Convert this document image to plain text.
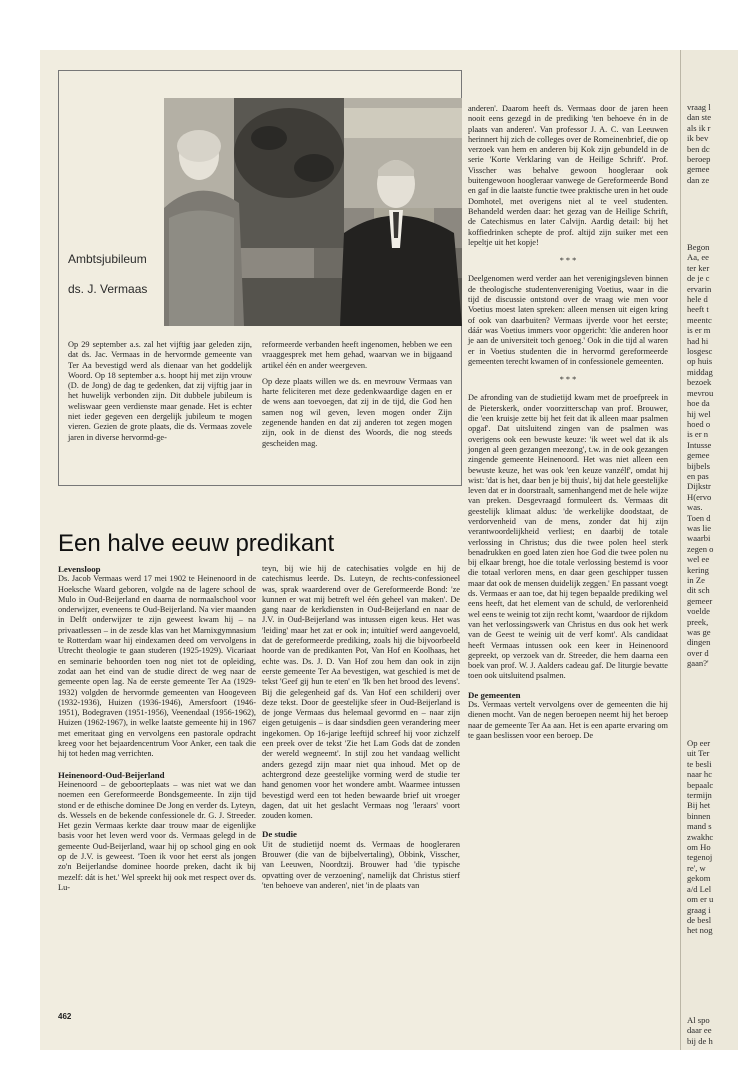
vraag l
dan ste
als ik r
ik bev
ben dc
beroep
gemee
dan ze
Begon
Aa, ee
ter ker
de je c
ervarin
hele d
heeft t
meentc
is er m
had hi
losgesc
op huis
middag
bezoek
mevrou
hoe da
hij wel
hoed o
is er n
Intusse
gemee
bijbels
en pas
Dijkstr
H(ervo
was.
Toen d
was lie
waarbi
zegen o
wel ee
kering
in Ze
dit sch
gemeer
voelde
preek,
was ge
dingen
over d
gaan?'
Op eer
uit Ter
te besli
naar hc
bepaalc
termijn
Bij het
binnen
mand s
zwakhc
om Ho
tegenoj
re', w
gekom
a/d Lel
om er u
graag i
de besl
het nog
Al spo
daar ee
bij de h
Ambtsjubileum
ds. J. Vermaas

Op 29 september a.s. zal het vijftig jaar geleden zijn, dat ds. Jac. Vermaas in de hervormde gemeente van Ter Aa bevestigd werd als dienaar van het goddelijk Woord. Op 18 september a.s. hoopt hij met zijn vrouw (D. de Jong) de dag te gedenken, dat zij vijftig jaar in het huwelijk verbonden zijn. Dit dubbele jubileum is weliswaar geen verdienste maar genade. Het is echter niet ieder gegeven een dergelijk jubileum te mogen vieren. Gezien de grote plaats, die ds. Vermaas zovele jaren in diverse hervormd-ge-

reformeerde verbanden heeft ingenomen, hebben we een vraaggesprek met hem gehad, waarvan we in bijgaand artikel één en ander weergeven.

Op deze plaats willen we ds. en mevrouw Vermaas van harte feliciteren met deze gedenkwaardige dagen en er de wens aan toevoegen, dat zij in de tijd, die God hen samen nog wil geven, leven mogen onder Zijn zegenende handen en dat zij anderen tot zegen mogen zijn, ook in de dienst des Woords, die nog steeds gescheiden mag.

Een halve eeuw predikant

Levensloop

Ds. Jacob Vermaas werd 17 mei 1902 te Heinenoord in de Hoeksche Waard geboren, volgde na de lagere school de Mulo in Oud-Beijerland en daarna de normaalschool voor onderwijzer, eveneens te Oud-Beijerland. Na vier maanden in Delft onderwijzer te zijn geweest kwam hij – na privaatlessen – in de zesde klas van het Marnixgymnasium te Rotterdam waar hij eindexamen deed om vervolgens in Utrecht theologie te gaan studeren (1925-1929). Vicariaat en seminarie behoorden toen nog niet tot de opleiding, zodat aan het eind van de studie direct de weg naar de gemeente open lag. Na de eerste gemeente Ter Aa (1929-1932) volgden de hervormde gemeenten van Hoogeveen (1932-1936), Huizen (1936-1946), Amersfoort (1946-1951), Bodegraven (1951-1956), Veenendaal (1956-1962), Huizen (1962-1967), in welke laatste gemeente hij in 1967 met emeritaat ging en vervolgens een pastorale opdracht kreeg voor het bejaardencentrum Voor Anker, een taak die hij tot heden mag verrichten.

Heinenoord-Oud-Beijerland

Heinenoord – de geboorteplaats – was niet wat we dan noemen een Gereformeerde Bondsgemeente. In zijn tijd stond er de ethische dominee De Jong en verder ds. Lyteyn, ds. Wessels en de bekende confessionele dr. G. J. Streeder. Het gezin Vermaas kerkte daar trouw maar de eigenlijke basis voor het leven werd voor ds. Vermaas gelegd in de gemeente Oud-Beijerland, waar hij op school ging en ook op de J.V. is geweest. 'Toen ik voor het eerst als jongen zo'n Beijerlandse dominee hoorde preken, dacht ik bij mezelf: dát is het.' Wel spreekt hij ook met respect over ds. Lu-

teyn, bij wie hij de catechisaties volgde en hij de catechismus leerde. Ds. Luteyn, de rechts-confessioneel was, sprak waarderend over de Gereformeerde Bond: 'ze kunnen er wat mij betreft wel één geheel van maken'. De gang naar de kerkdiensten in Oud-Beijerland en naar de J.V. in Oud-Beijerland was intussen eigen keus. Het was 'leiding' maar het zat er ook in; intuïtief werd aangevoeld, dat de gereformeerde prediking, zoals hij die bijvoorbeeld hoorde van de predikanten Pot, Van Hof en Koolhaas, het echte was. Ds. J. D. Van Hof zou hem dan ook in zijn eerste gemeente Ter Aa bevestigen, wat geschied is met de tekst 'Geef gij hun te eten' en 'Ik ben het brood des levens'. Bij die gelegenheid gaf ds. Van Hof een schilderij over deze tekst. Door de geestelijke sfeer in Oud-Beijerland is de jonge Vermaas dus helemaal gevormd en – naar zijn eigen getuigenis – is daar sindsdien geen verandering meer ingekomen. Op 16-jarige leeftijd schreef hij voor zichzelf een preek over de tekst 'Zie het Lam Gods dat de zonden der wereld wegneemt'. In stijl zou het vandaag wellicht anders gezegd zijn maar niet qua inhoud. Met op de achtergrond deze geestelijke vorming werd de studie ter hand genomen voor het wondere ambt. Waarmee intussen bevestigd werd een tot heden bewaarde brief uit vroeger dagen, dat uit het geslacht Vermaas nog 'leraars' voort zouden komen.

De studie

Uit de studietijd noemt ds. Vermaas de hoogleraren Brouwer (die van de bijbelvertaling), Obbink, Visscher, van Leeuwen, Noordtzij. Brouwer had 'die typische opvatting over de verzoening', namelijk dat Christus stierf 'ten behoeve van anderen', niet 'in de plaats van

anderen'. Daarom heeft ds. Vermaas door de jaren heen nooit eens gezegd in de prediking 'ten behoeve én in de plaats van anderen'. Van professor J. A. C. van Leeuwen herinnert hij zich de colleges over de Romeinenbrief, die op verzoek van hem en anderen bij Kok zijn gebundeld in de serie 'Korte Verklaring van de Heilige Schrift'. Prof. Visscher was behalve gewoon hoogleraar ook buitengewoon hoogleraar vanwege de Gereformeerde Bond en gaf in die laatste functie twee praktische uren in het oude Domhotel, met overigens niet al te veel studenten. Behandeld werden daar: het gezag van de Heilige Schrift, de Catechismus en later Calvijn. Aardig detail: bij het koffiedrinken schepte de prof. altijd zijn suiker met een lepeltje uit het kopje!

* * *

Deelgenomen werd verder aan het verenigingsleven binnen de theologische studentenvereniging Voetius, waar in die tijd de discussie ontstond over de vraag wie men voor Voetius moest laten spreken: alleen mensen uit eigen kring of ook van daarbuiten? Vermaas ijverde voor het eerste; dáár was Voetius immers voor opgericht: 'die anderen hoor je aan de universiteit toch genoeg.' Ook in die tijd al waren er in Voetius studenten die in hervormd gereformeerde gemeenten terecht kwamen of in confessionele gemeenten.

* * *

De afronding van de studietijd kwam met de proefpreek in de Pieterskerk, onder voorzitterschap van prof. Brouwer, die 'een kruisje zette bij het feit dat ik alleen maar psalmen opgaf'. Dat uitsluitend zingen van de psalmen was overigens ook een bewuste keuze: 'ik weet wel dat ik als jongen al geen gezangen meezong', t.w. in de ook gezangen zingende gemeente Heinenoord. Het was niet alleen een bewuste keuze, het was ook 'een keuze vanzélf', omdat hij wist: 'dat is het, daar ben je bij thuis', bij dat hele geestelijke leven dat er in doorstraalt, samenhangend met de hele wijze van preken. Desgevraagd formuleert ds. Vermaas dit geestelijk klimaat aldus: 'de werkelijke doodstaat, de verdorvenheid van de mens, zonder dat hij zijn verantwoordelijkheid verliest; en daarbij de totale verlossing in Christus; dus die twee polen heel sterk benadrukken en goed laten zien hoe God die twee polen nu bij elkaar brengt, hoe die totale verlossing bestemd is voor die totaal verloren mens, en daar geen geschipper tussen maar dat ook de mensen duidelijk zeggen.' En passant voegt ds. Vermaas er aan toe, dat hij tegen bepaalde prediking wel eens heeft, dat het element van de schuld, de verlorenheid wel eens te weinig tot zijn recht komt, 'waardoor de rijkdom van het verlossingswerk van Christus en dus ook het werk van de Geest te weinig uit de verf komt'. Als candidaat heeft Vermaas intussen ook een keer in Heinenoord gepreekt, op verzoek van dr. Streeder, die hem daarna een boek van prof. W. J. Aalders cadeau gaf. De liturgie bevatte toen ook uitsluitend psalmen.

De gemeenten

Ds. Vermaas vertelt vervolgens over de gemeenten die hij dienen mocht. Van de negen beroepen neemt hij het beroep naar de gemeente Ter Aa aan. Het is een aparte ervaring om te gaan beslissen voor een beroep. De

462
